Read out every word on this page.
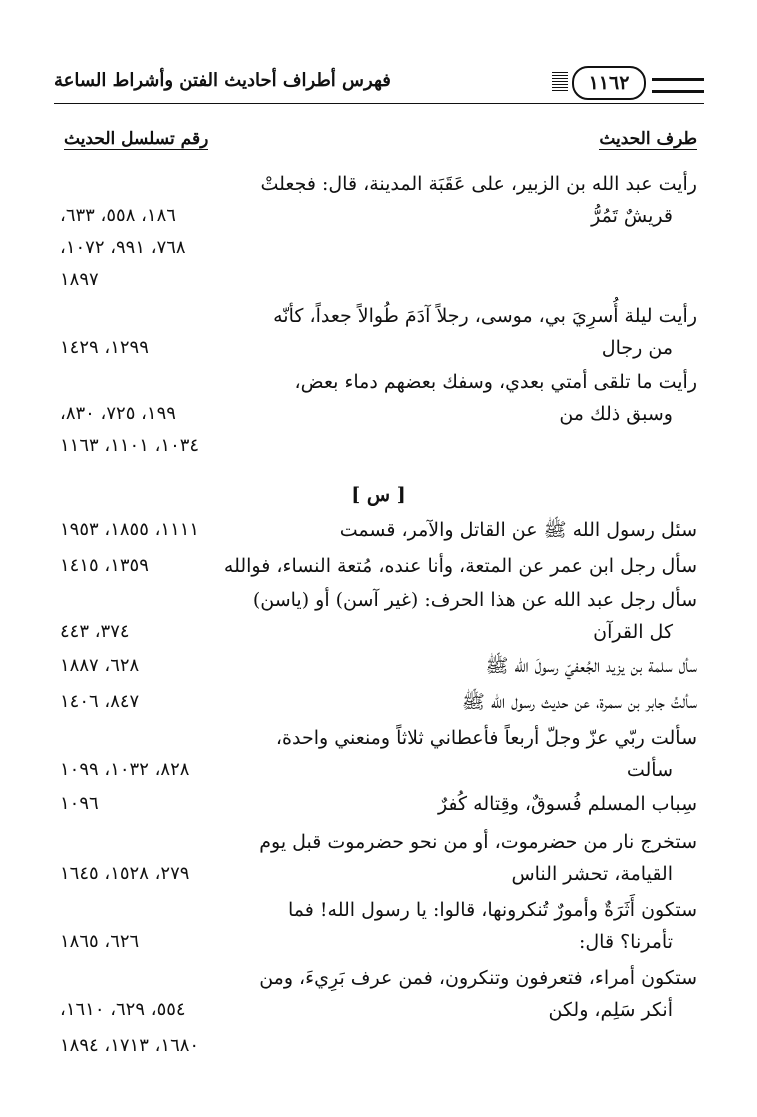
١١٦٢
فهرس أطراف أحاديث الفتن وأشراط الساعة
طرف الحديث
رقم تسلسل الحديث
رأيت عبد الله بن الزبير، على عَقَبَة المدينة، قال: فجعلتْ
قريشٌ تَمُرُّ
١٨٦، ٥٥٨، ٦٣٣،
٧٦٨، ٩٩١، ١٠٧٢،
١٨٩٧
رأيت ليلة أُسرِيَ بي، موسى، رجلاً آدَمَ طُوالاً جعداً، كأنّه
من رجال
١٢٩٩، ١٤٢٩
رأيت ما تلقى أمتي بعدي، وسفك بعضهم دماء بعض،
وسبق ذلك من
١٩٩، ٧٢٥، ٨٣٠،
١٠٣٤، ١١٠١، ١١٦٣
[ س ]
سئل رسول الله ﷺ عن القاتل والآمر، قسمت
١١١١، ١٨٥٥، ١٩٥٣
سأل رجل ابن عمر عن المتعة، وأنا عنده، مُتعة النساء، فوالله
١٣٥٩، ١٤١٥
سأل رجل عبد الله عن هذا الحرف: (غير آسن) أو (ياسن)
كل القرآن
٣٧٤، ٤٤٣
سأل سلمة بن يزيد الجُعفيّ رسولَ الله ﷺ
٦٢٨، ١٨٨٧
سألتُ جابر بن سمرة، عن حديث رسول الله ﷺ
٨٤٧، ١٤٠٦
سألت ربّي عزّ وجلّ أربعاً فأعطاني ثلاثاً ومنعني واحدة،
سألت
٨٢٨، ١٠٣٢، ١٠٩٩
سِباب المسلم فُسوقٌ، وقِتاله كُفرٌ
١٠٩٦
ستخرج نار من حضرموت، أو من نحو حضرموت قبل يوم
القيامة، تحشر الناس
٢٧٩، ١٥٢٨، ١٦٤٥
ستكون أَثَرَةٌ وأمورٌ تُنكرونها، قالوا: يا رسول الله! فما
تأمرنا؟ قال:
٦٢٦، ١٨٦٥
ستكون أمراء، فتعرفون وتنكرون، فمن عرف بَرِيءَ، ومن
أنكر سَلِم، ولكن
٥٥٤، ٦٢٩، ١٦١٠،
١٦٨٠، ١٧١٣، ١٨٩٤
